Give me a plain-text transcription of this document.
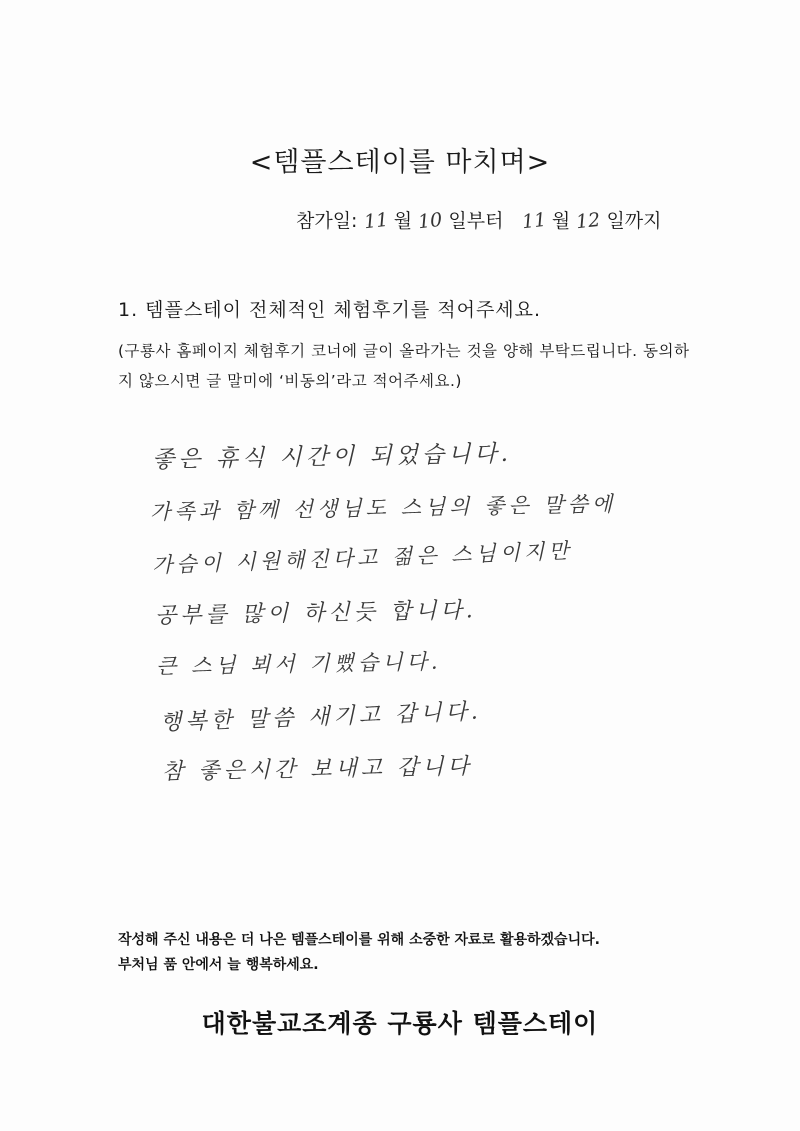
<템플스테이를 마치며>
참가일: 11 월 10 일부터 11 월 12 일까지
1. 템플스테이 전체적인 체험후기를 적어주세요.
(구룡사 홈페이지 체험후기 코너에 글이 올라가는 것을 양해 부탁드립니다. 동의하지 않으시면 글 말미에 ‘비동의’라고 적어주세요.)
좋은 휴식 시간이 되었습니다.
가족과 함께 선생님도 스님의 좋은 말씀에
가슴이 시원해진다고 젊은 스님이지만
공부를 많이 하신듯 합니다.
큰 스님 뵈서 기뻤습니다.
행복한 말씀 새기고 갑니다.
참 좋은시간 보내고 갑니다
작성해 주신 내용은 더 나은 템플스테이를 위해 소중한 자료로 활용하겠습니다.
부처님 품 안에서 늘 행복하세요.
대한불교조계종 구룡사 템플스테이
